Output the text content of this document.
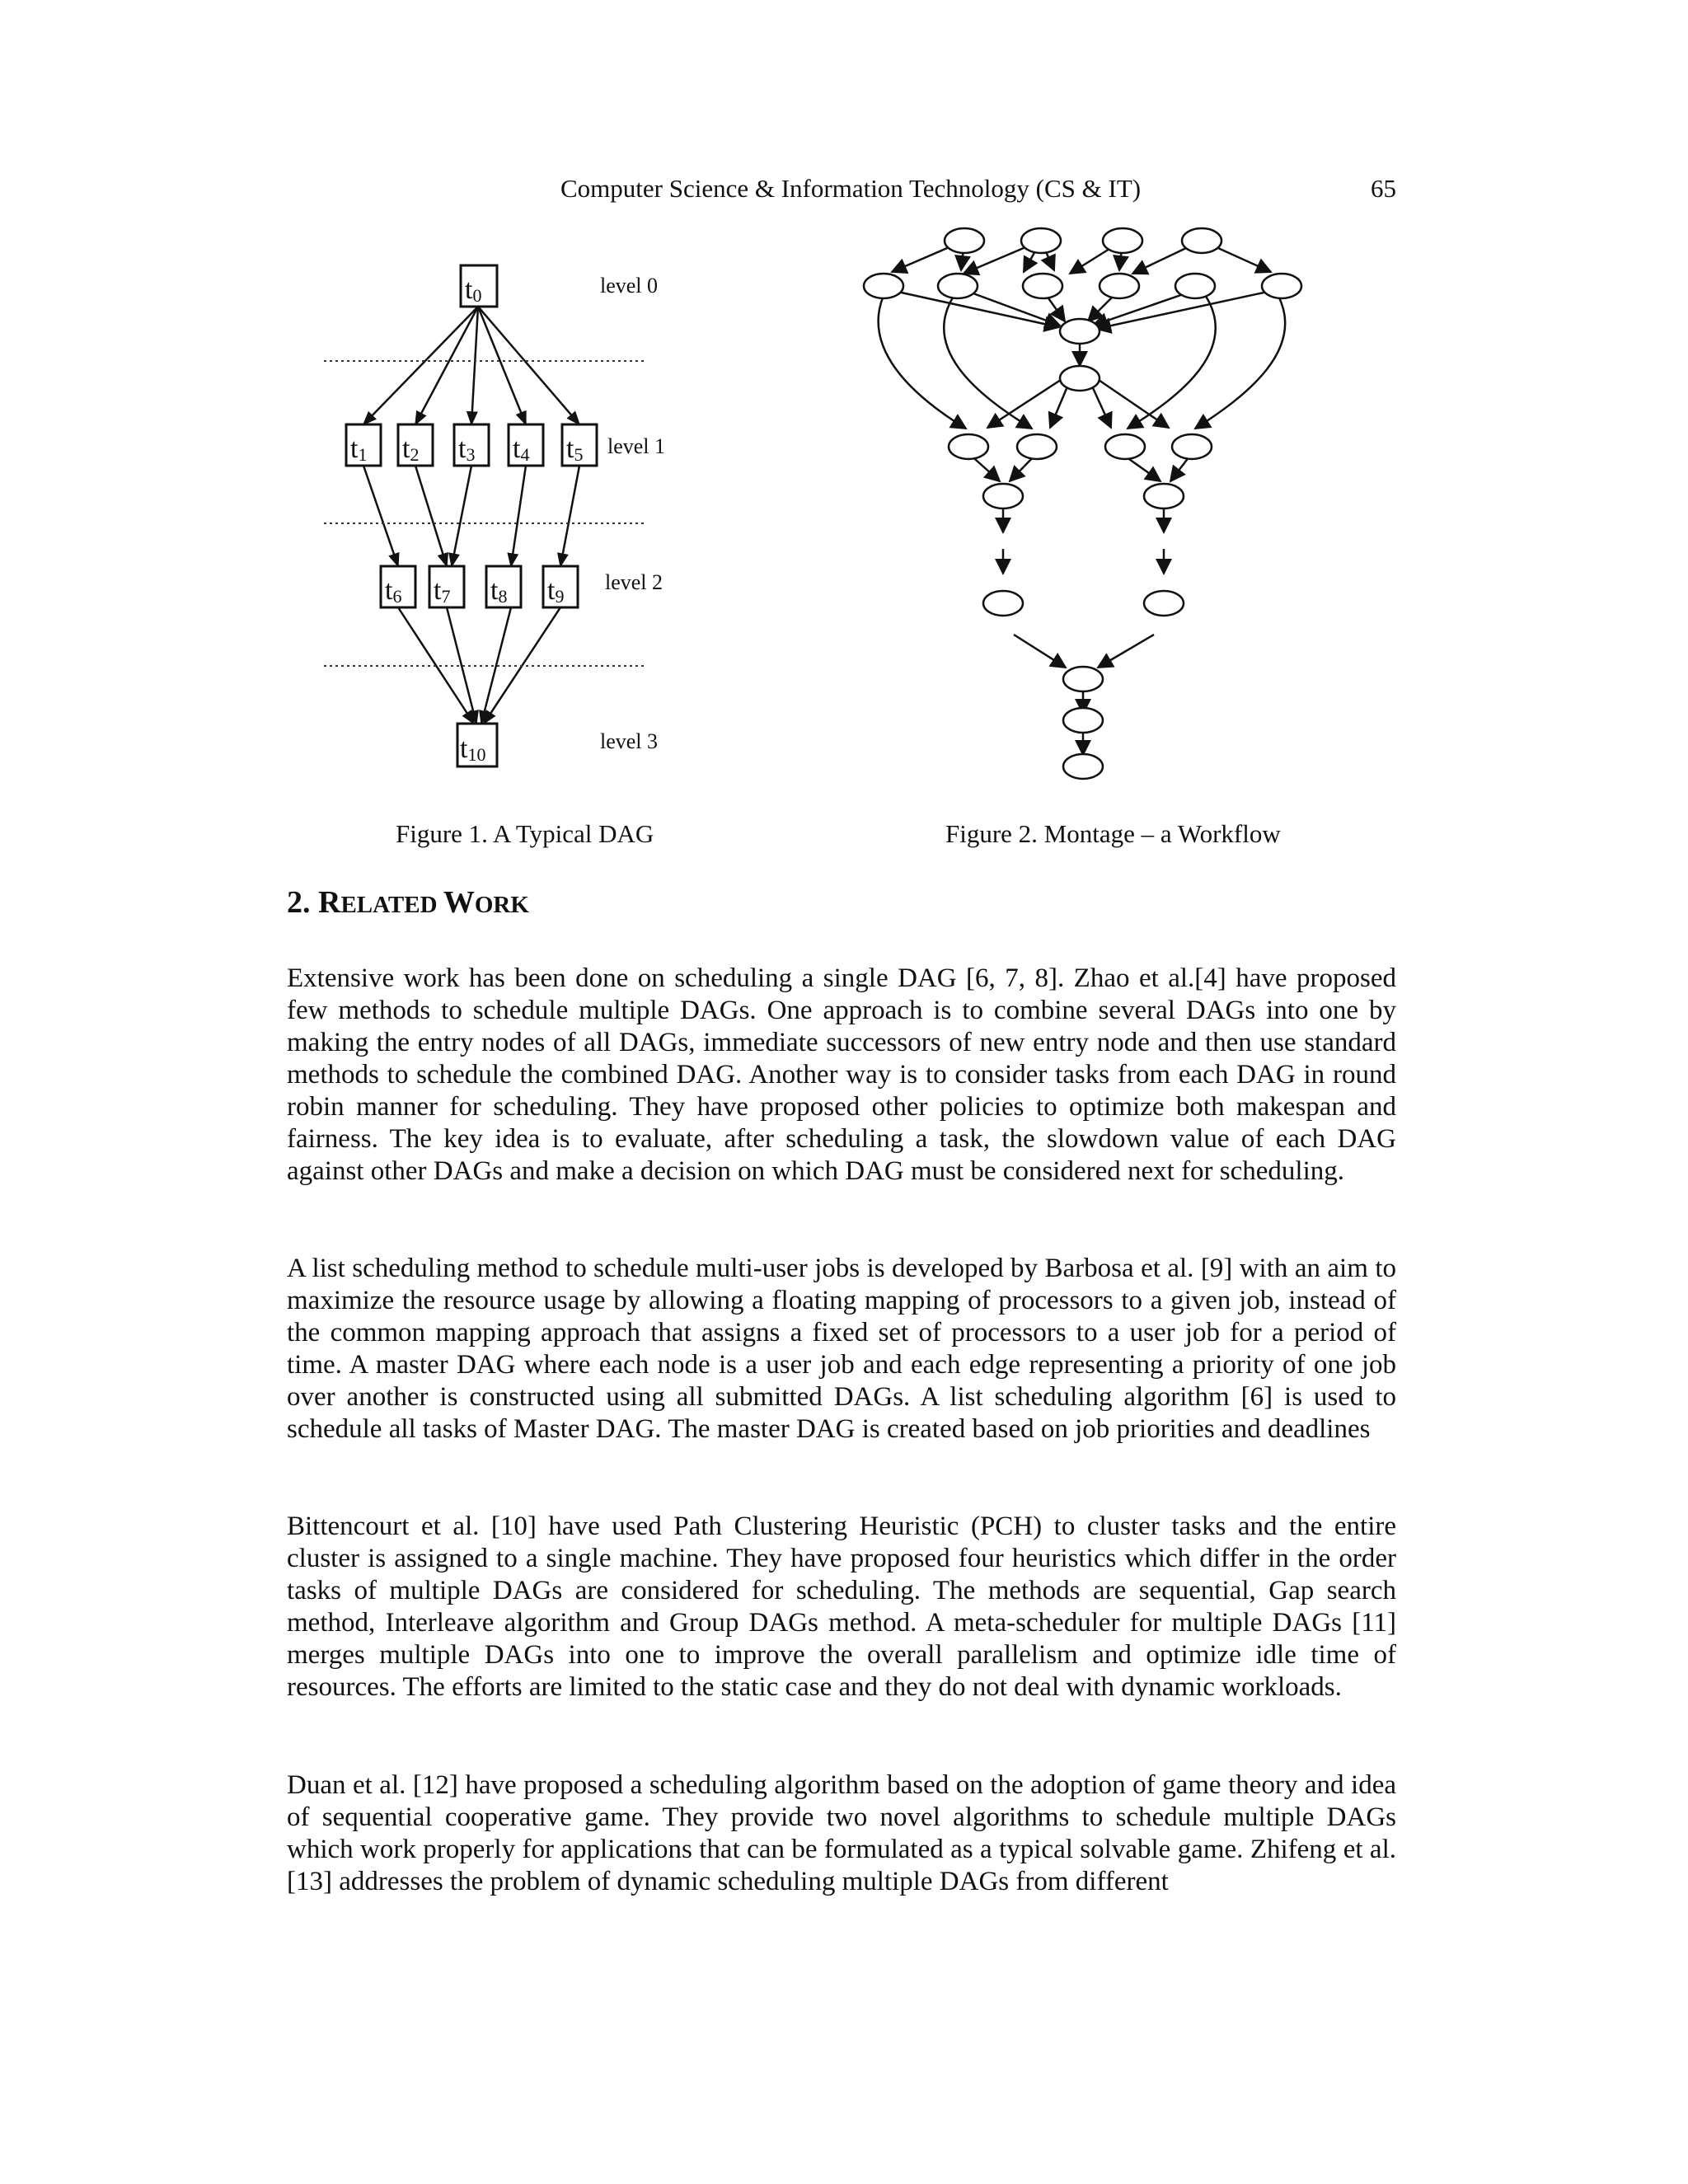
Computer Science & Information Technology (CS & IT)	65
t0
t1 t2 t3 t4 t5
t6 t7 t8 t9
t10
level 0
level 1
level 2
level 3
Figure 1. A Typical DAG	Figure 2. Montage – a Workflow
2. RELATED WORK

Extensive work has been done on scheduling a single DAG [6, 7, 8]. Zhao et al.[4] have proposed few methods to schedule multiple DAGs. One approach is to combine several DAGs into one by making the entry nodes of all DAGs, immediate successors of new entry node and then use standard methods to schedule the combined DAG. Another way is to consider tasks from each DAG in round robin manner for scheduling. They have proposed other policies to optimize both makespan and fairness. The key idea is to evaluate, after scheduling a task, the slowdown value of each DAG against other DAGs and make a decision on which DAG must be considered next for scheduling.

A list scheduling method to schedule multi-user jobs is developed by Barbosa et al. [9] with an aim to maximize the resource usage by allowing a floating mapping of processors to a given job, instead of the common mapping approach that assigns a fixed set of processors to a user job for a period of time. A master DAG where each node is a user job and each edge representing a priority of one job over another is constructed using all submitted DAGs. A list scheduling algorithm [6] is used to schedule all tasks of Master DAG. The master DAG is created based on job priorities and deadlines

Bittencourt et al. [10] have used Path Clustering Heuristic (PCH) to cluster tasks and the entire cluster is assigned to a single machine. They have proposed four heuristics which differ in the order tasks of multiple DAGs are considered for scheduling. The methods are sequential, Gap search method, Interleave algorithm and Group DAGs method. A meta-scheduler for multiple DAGs [11] merges multiple DAGs into one to improve the overall parallelism and optimize idle time of resources. The efforts are limited to the static case and they do not deal with dynamic workloads.

Duan et al. [12] have proposed a scheduling algorithm based on the adoption of game theory and idea of sequential cooperative game. They provide two novel algorithms to schedule multiple DAGs which work properly for applications that can be formulated as a typical solvable game. Zhifeng et al. [13] addresses the problem of dynamic scheduling multiple DAGs from different
